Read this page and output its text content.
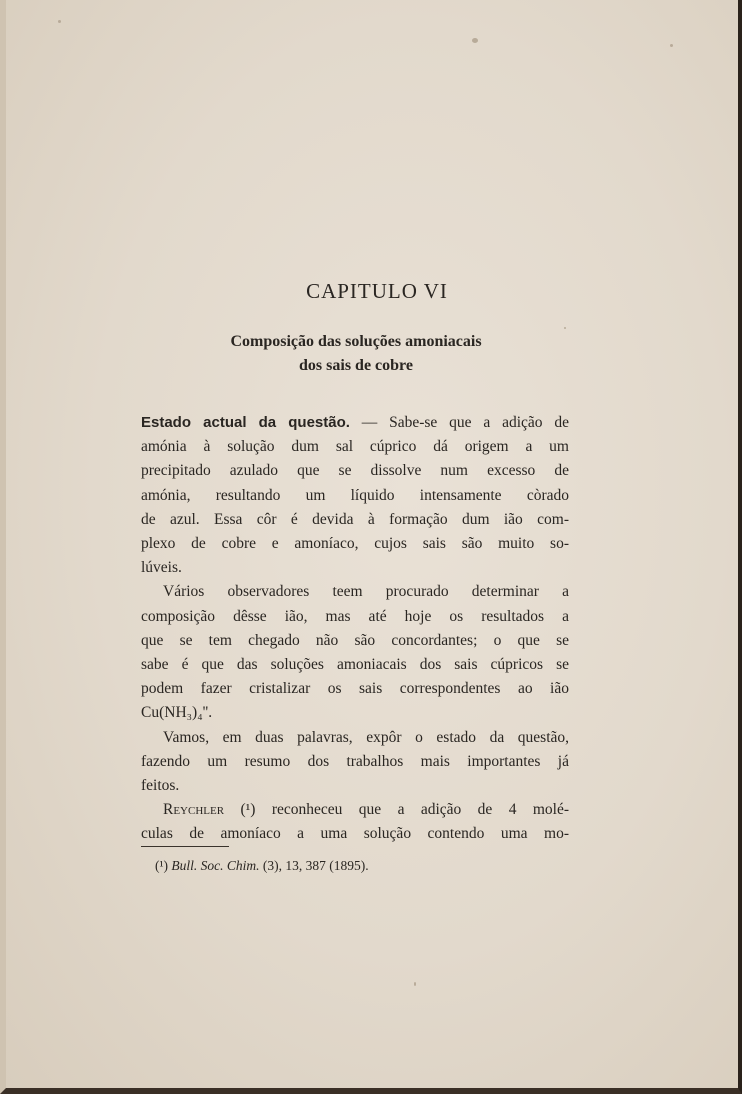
CAPITULO VI
Composição das soluções amoniacais
dos sais de cobre
Estado actual da questão. — Sabe-se que a adição de
amónia à solução dum sal cúprico dá origem a um
precipitado azulado que se dissolve num excesso de
amónia, resultando um líquido intensamente còrado
de azul. Essa côr é devida à formação dum ião com-
plexo de cobre e amoníaco, cujos sais são muito so-
lúveis.
Vários observadores teem procurado determinar a
composição dêsse ião, mas até hoje os resultados a
que se tem chegado não são concordantes; o que se
sabe é que das soluções amoniacais dos sais cúpricos se
podem fazer cristalizar os sais correspondentes ao ião
Cu(NH₃)₄''.
Vamos, em duas palavras, expôr o estado da questão,
fazendo um resumo dos trabalhos mais importantes já
feitos.
Reychler (¹) reconheceu que a adição de 4 molé-
culas de amoníaco a uma solução contendo uma mo-
(¹) Bull. Soc. Chim. (3), 13, 387 (1895).
